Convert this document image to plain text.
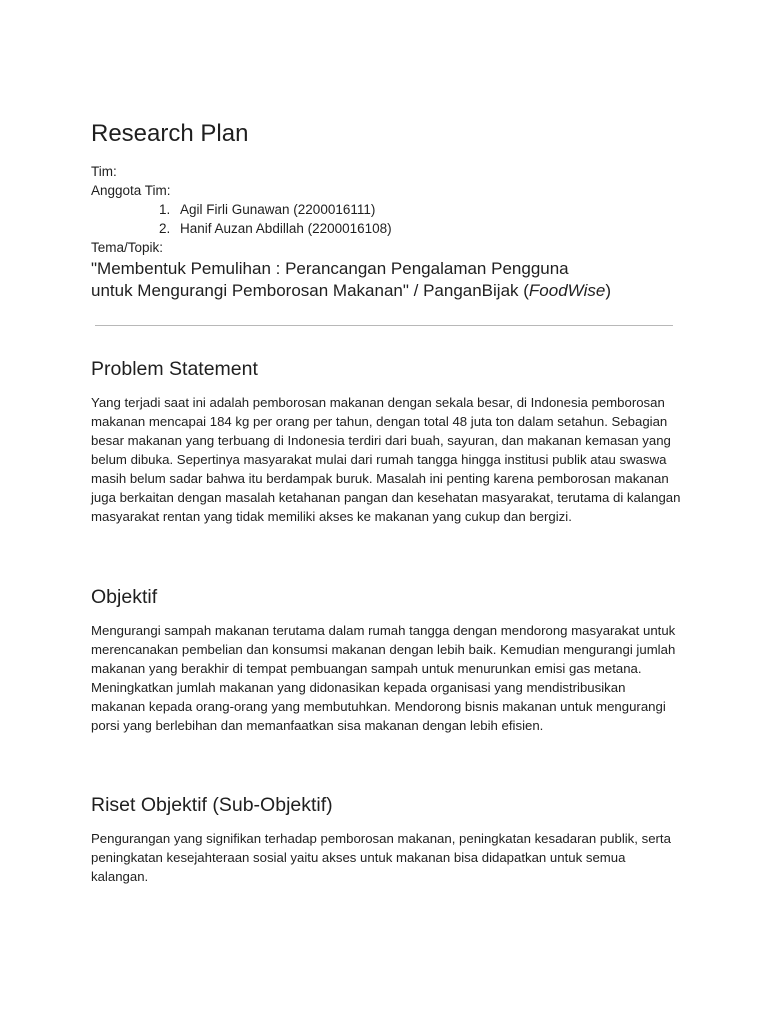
Research Plan

Tim:

Anggota Tim:

1. Agil Firli Gunawan (2200016111)
2. Hanif Auzan Abdillah (2200016108)

Tema/Topik:

"Membentuk Pemulihan : Perancangan Pengalaman Pengguna
untuk Mengurangi Pemborosan Makanan" / PanganBijak (FoodWise)
Problem Statement

Yang terjadi saat ini adalah pemborosan makanan dengan sekala besar, di Indonesia pemborosan makanan mencapai 184 kg per orang per tahun, dengan total 48 juta ton dalam setahun. Sebagian besar makanan yang terbuang di Indonesia terdiri dari buah, sayuran, dan makanan kemasan yang belum dibuka. Sepertinya masyarakat mulai dari rumah tangga hingga institusi publik atau swaswa masih belum sadar bahwa itu berdampak buruk. Masalah ini penting karena pemborosan makanan juga berkaitan dengan masalah ketahanan pangan dan kesehatan masyarakat, terutama di kalangan masyarakat rentan yang tidak memiliki akses ke makanan yang cukup dan bergizi.

Objektif

Mengurangi sampah makanan terutama dalam rumah tangga dengan mendorong masyarakat untuk merencanakan pembelian dan konsumsi makanan dengan lebih baik. Kemudian mengurangi jumlah makanan yang berakhir di tempat pembuangan sampah untuk menurunkan emisi gas metana. Meningkatkan jumlah makanan yang didonasikan kepada organisasi yang mendistribusikan makanan kepada orang-orang yang membutuhkan. Mendorong bisnis makanan untuk mengurangi porsi yang berlebihan dan memanfaatkan sisa makanan dengan lebih efisien.

Riset Objektif (Sub-Objektif)

Pengurangan yang signifikan terhadap pemborosan makanan, peningkatan kesadaran publik, serta peningkatan kesejahteraan sosial yaitu akses untuk makanan bisa didapatkan untuk semua kalangan.
